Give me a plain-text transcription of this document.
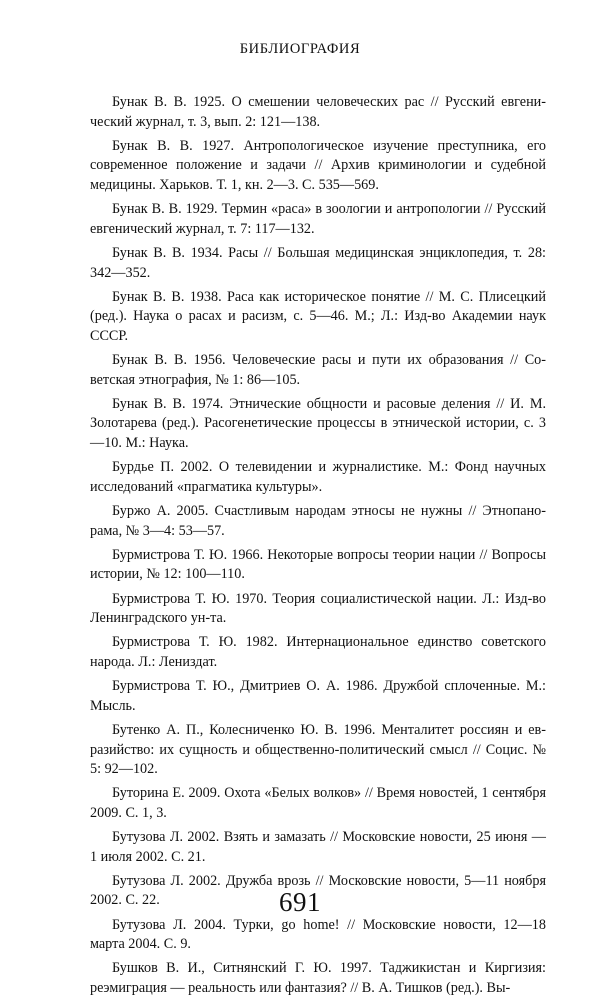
БИБЛИОГРАФИЯ

Бунак В. В. 1925. О смешении человеческих рас // Русский евгенический журнал, т. 3, вып. 2: 121—138.

Бунак В. В. 1927. Антропологическое изучение преступника, его современное положение и задачи // Архив криминологии и судебной медицины. Харьков. Т. 1, кн. 2—3. С. 535—569.

Бунак В. В. 1929. Термин «раса» в зоологии и антропологии // Русский евгенический журнал, т. 7: 117—132.

Бунак В. В. 1934. Расы // Большая медицинская энциклопедия, т. 28: 342—352.

Бунак В. В. 1938. Раса как историческое понятие // М. С. Плисецкий (ред.). Наука о расах и расизм, с. 5—46. М.; Л.: Изд-во Академии наук СССР.

Бунак В. В. 1956. Человеческие расы и пути их образования // Советская этнография, № 1: 86—105.

Бунак В. В. 1974. Этнические общности и расовые деления // И. М. Золотарева (ред.). Расогенетические процессы в этнической истории, с. 3—10. М.: Наука.

Бурдье П. 2002. О телевидении и журналистике. М.: Фонд научных исследований «прагматика культуры».

Буржо А. 2005. Счастливым народам этносы не нужны // Этнопанорама, № 3—4: 53—57.

Бурмистрова Т. Ю. 1966. Некоторые вопросы теории нации // Вопросы истории, № 12: 100—110.

Бурмистрова Т. Ю. 1970. Теория социалистической нации. Л.: Изд-во Ленинградского ун-та.

Бурмистрова Т. Ю. 1982. Интернациональное единство советского народа. Л.: Лениздат.

Бурмистрова Т. Ю., Дмитриев О. А. 1986. Дружбой сплоченные. М.: Мысль.

Бутенко А. П., Колесниченко Ю. В. 1996. Менталитет россиян и евразийство: их сущность и общественно-политический смысл // Социс. № 5: 92—102.

Буторина Е. 2009. Охота «Белых волков» // Время новостей, 1 сентября 2009. С. 1, 3.

Бутузова Л. 2002. Взять и замазать // Московские новости, 25 июня — 1 июля 2002. С. 21.

Бутузова Л. 2002. Дружба врозь // Московские новости, 5—11 ноября 2002. С. 22.

Бутузова Л. 2004. Турки, go home! // Московские новости, 12—18 марта 2004. С. 9.

Бушков В. И., Ситнянский Г. Ю. 1997. Таджикистан и Киргизия: реэмиграция — реальность или фантазия? // В. А. Тишков (ред.). Вы-

691
